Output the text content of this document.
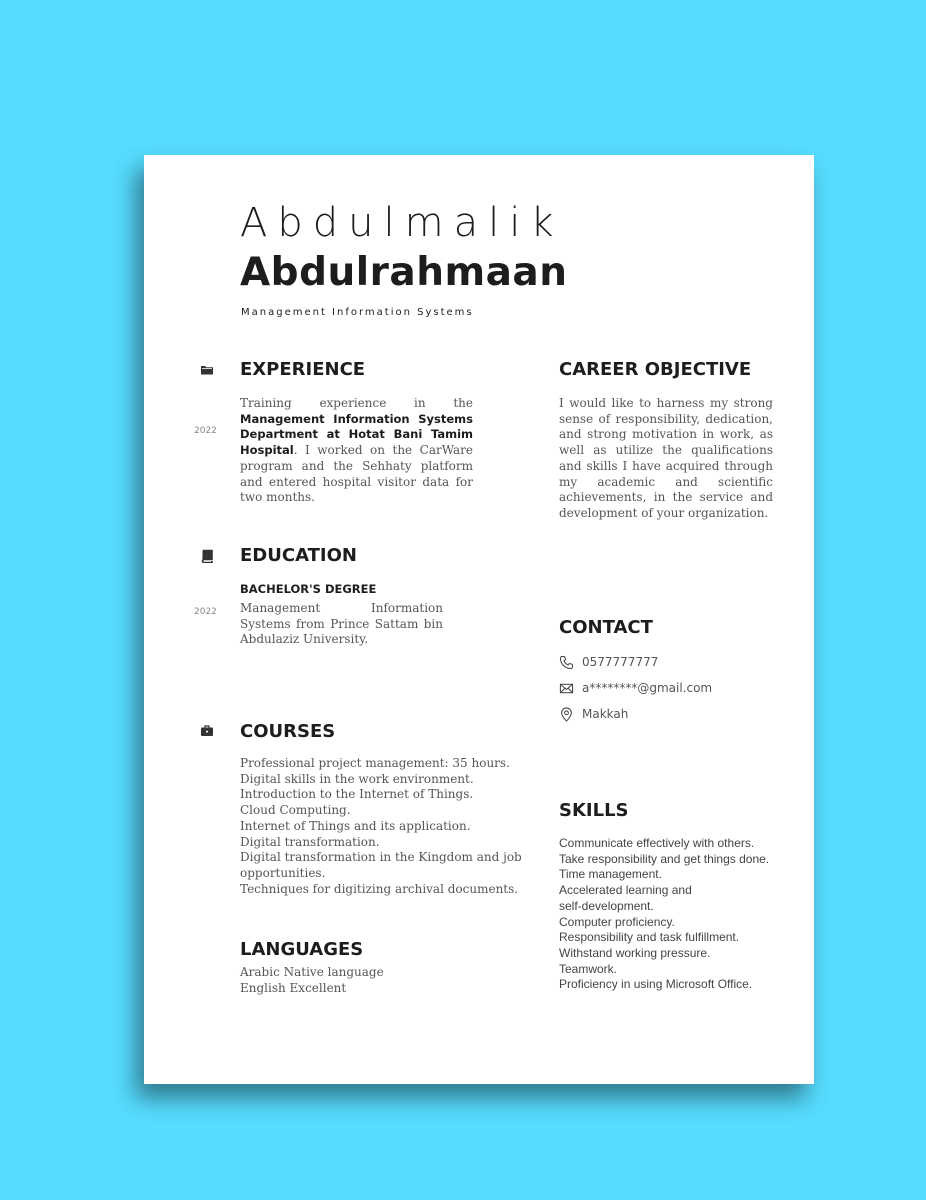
Abdulmalik
Abdulrahmaan
Management Information Systems
EXPERIENCE
2022
Training experience in the Management Information Systems Department at Hotat Bani Tamim Hospital. I worked on the CarWare program and the Sehhaty platform and entered hospital visitor data for two months.
EDUCATION
BACHELOR'S DEGREE
2022 Management Information Systems from Prince Sattam bin Abdulaziz University.
COURSES
Professional project management: 35 hours.
Digital skills in the work environment.
Introduction to the Internet of Things.
Cloud Computing.
Internet of Things and its application.
Digital transformation.
Digital transformation in the Kingdom and job
opportunities.
Techniques for digitizing archival documents.
LANGUAGES
Arabic Native language
English Excellent
CAREER OBJECTIVE
I would like to harness my strong sense of responsibility, dedication, and strong motivation in work, as well as utilize the qualifications and skills I have acquired through my academic and scientific achievements, in the service and development of your organization.
CONTACT
0577777777
a********@gmail.com
Makkah
SKILLS
Communicate effectively with others.
Take responsibility and get things done.
Time management.
Accelerated learning and
self-development.
Computer proficiency.
Responsibility and task fulfillment.
Withstand working pressure.
Teamwork.
Proficiency in using Microsoft Office.
